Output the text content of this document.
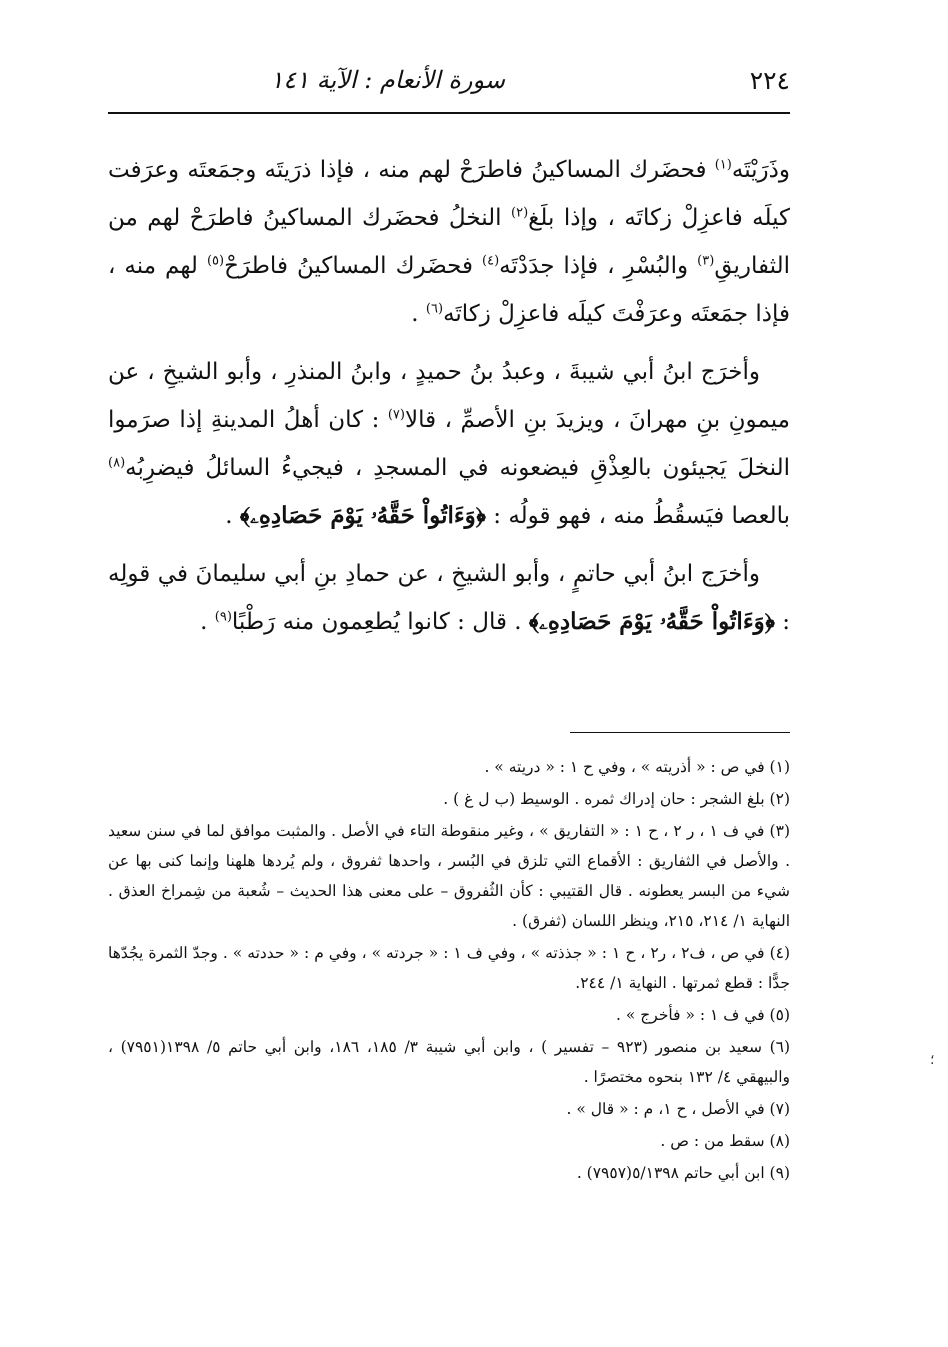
٢٢٤
سورة الأنعام : الآية ١٤١

وذَرَيْتَه$^{(١)}$ فحضَرك المساكينُ فاطرَحْ لهم منه ، فإذا ذرَيتَه وجمَعتَه وعرَفت كيلَه فاعزِلْ زكاتَه ، وإذا بلَغ$^{(٢)}$ النخلُ فحضَرك المساكينُ فاطرَحْ لهم من الثفاريقِ$^{(٣)}$ والبُسْرِ ، فإذا جدَدْتَه$^{(٤)}$ فحضَرك المساكينُ فاطرَحْ$^{(٥)}$ لهم منه ، فإذا جمَعتَه وعرَفْتَ كيلَه فاعزِلْ زكاتَه$^{(٦)}$ .

وأخرَج ابنُ أبي شيبةَ ، وعبدُ بنُ حميدٍ ، وابنُ المنذرِ ، وأبو الشيخِ ، عن ميمونِ بنِ مهرانَ ، ويزيدَ بنِ الأصمِّ ، قالا$^{(٧)}$ : كان أهلُ المدينةِ إذا صرَموا النخلَ يَجيئون بالعِذْقِ فيضعونه في المسجدِ ، فيجيءُ السائلُ فيضرِبُه$^{(٨)}$ بالعصا فيَسقُطُ منه ، فهو قولُه : ﴿وَءَاتُواْ حَقَّهُۥ يَوْمَ حَصَادِهِۦ﴾ .

وأخرَج ابنُ أبي حاتمٍ ، وأبو الشيخِ ، عن حمادِ بنِ أبي سليمانَ في قولِه : ﴿وَءَاتُواْ حَقَّهُۥ يَوْمَ حَصَادِهِۦ﴾ . قال : كانوا يُطعِمون منه رَطْبًا$^{(٩)}$ .

(١) في ص : « أذريته » ، وفي ح ١ : « دريته » .

(٢) بلغ الشجر : حان إدراك ثمره . الوسيط (ب ل غ ) .

(٣) في ف ١ ، ر ٢ ، ح ١ : « التفاريق » ، وغير منقوطة التاء في الأصل . والمثبت موافق لما في سنن سعيد . والأصل في الثفاريق : الأقماع التي تلزق في البُسر ، واحدها ثفروق ، ولم يُردها هلهنا وإنما كنى بها عن شيء من البسر يعطونه . قال القتيبي : كأن الثُفروق – على معنى هذا الحديث – شُعبة من شِمراخ العذق . النهاية ١/ ٢١٤، ٢١٥، وينظر اللسان (ثفرق) .

(٤) في ص ، ف٢ ، ر٢ ، ح ١ : « جذذته » ، وفي ف ١ : « جردته » ، وفي م : « حددته » . وجدّ الثمرة يجُدّها جدًّا : قطع ثمرتها . النهاية ١/ ٢٤٤.

(٥) في ف ١ : « فأخرج » .

(٦) سعيد بن منصور (٩٢٣ – تفسير ) ، وابن أبي شيبة ٣/ ١٨٥، ١٨٦، وابن أبي حاتم ٥/ ١٣٩٨(٧٩٥١) ، والبيهقي ٤/ ١٣٢ بنحوه مختصرًا .

(٧) في الأصل ، ح ١، م : « قال » .

(٨) سقط من : ص .

(٩) ابن أبي حاتم ٥/١٣٩٨(٧٩٥٧) .

؛
